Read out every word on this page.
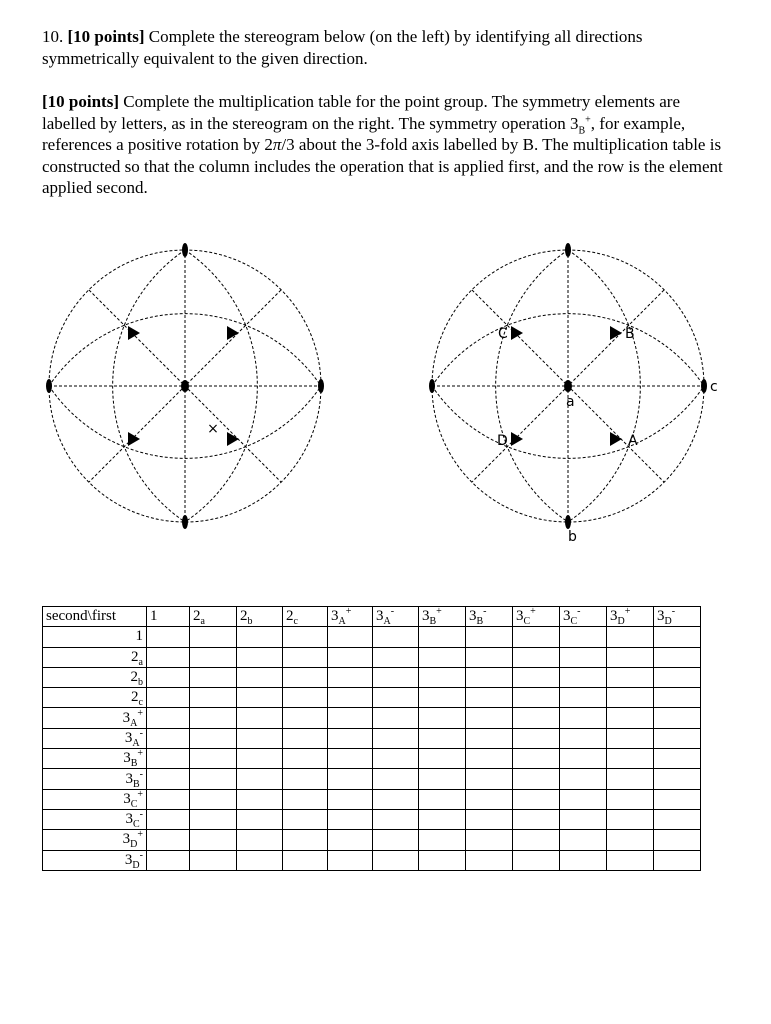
10. [10 points] Complete the stereogram below (on the left) by identifying all directions symmetrically equivalent to the given direction.
[10 points] Complete the multiplication table for the point group. The symmetry elements are labelled by letters, as in the stereogram on the right. The symmetry operation $3_B^+$, for example, references a positive rotation by 2π/3 about the 3-fold axis labelled by B. The multiplication table is constructed so that the column includes the operation that is applied first, and the row is the element applied second.
×
C	B
D	A
a
b
c
second\first	1	$2_a$	$2_b$	$2_c$	$3_A^+$	$3_A^-$	$3_B^+$	$3_B^-$	$3_C^+$	$3_C^-$	$3_D^+$	$3_D^-$
1												
$2_a$												
$2_b$												
$2_c$												
$3_A^+$												
$3_A^-$												
$3_B^+$												
$3_B^-$												
$3_C^+$												
$3_C^-$												
$3_D^+$												
$3_D^-$												
